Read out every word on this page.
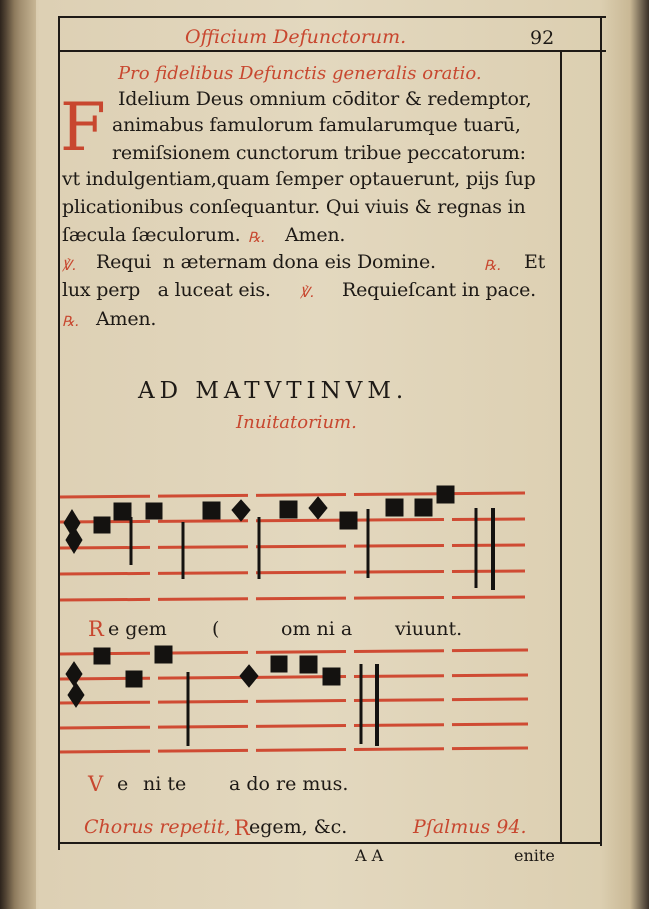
Officium Defunctorum.	92
Pro fidelibus Defunctis generalis oratio.
F Idelium Deus omnium cōditor & redemptor,
animabus famulorum famularumque tuarū,
remiſsionem cunctorum tribue peccatorum:
vt indulgentiam,quam ſemper optauerunt, pijs ſup
plicationibus conſequantur. Qui viuis & regnas in
ſæcula ſæculorum. ℞. Amen.
℣. Requi  n æternam dona eis Domine.	℞. Et
lux perp   a luceat eis. ℣. Requieſcant in pace.
℞. Amen.
AD MATVTINVM.
Inuitatorium.
R e gem (	om ni a viuunt.
V e ni te a do re mus.
Chorus repetit, R egem, &c.	Pſalmus 94.
A A	enite
